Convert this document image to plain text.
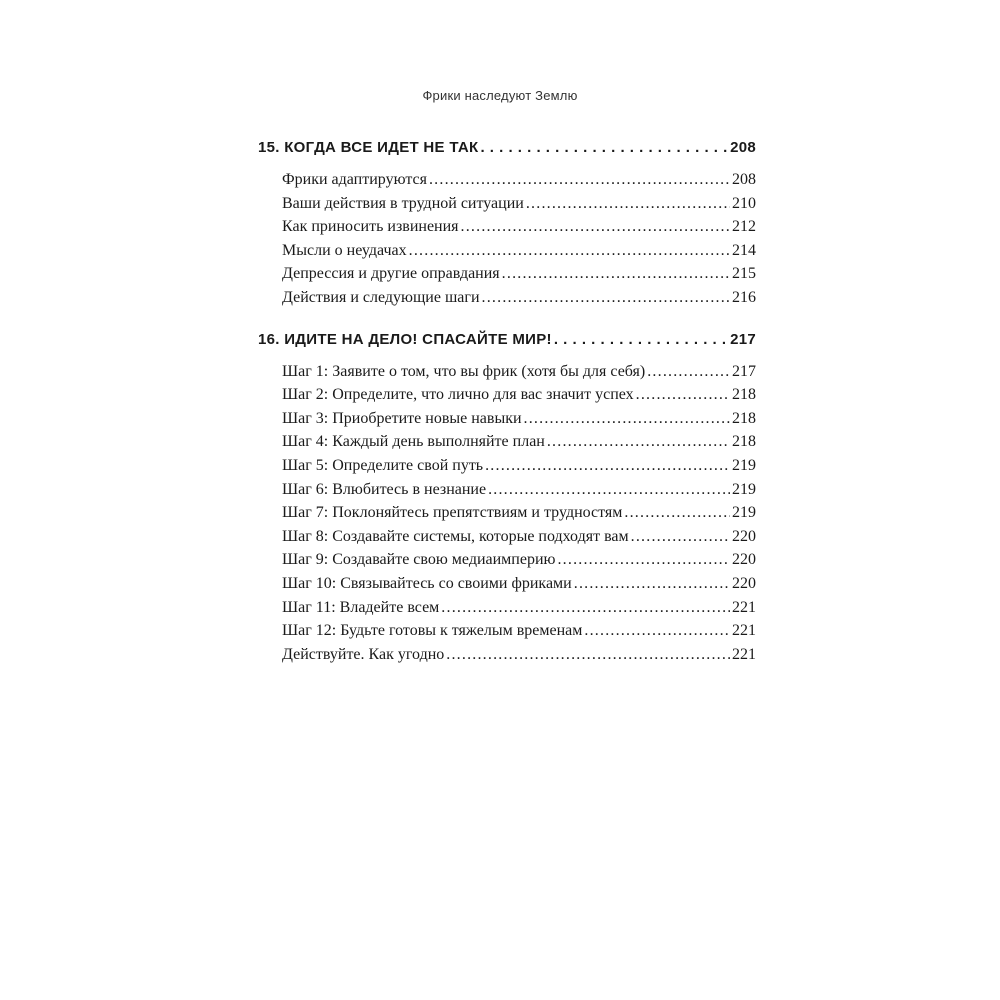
Фрики наследуют Землю
15. КОГДА ВСЕ ИДЕТ НЕ ТАК . . .	208
Фрики адаптируются . . .	208
Ваши действия в трудной ситуации . . .	210
Как приносить извинения . . .	212
Мысли о неудачах . . .	214
Депрессия и другие оправдания . . .	215
Действия и следующие шаги . . .	216
16. ИДИТЕ НА ДЕЛО! СПАСАЙТЕ МИР! . . .	217
Шаг 1: Заявите о том, что вы фрик (хотя бы для себя) . . .	217
Шаг 2: Определите, что лично для вас значит успех . . .	218
Шаг 3: Приобретите новые навыки . . .	218
Шаг 4: Каждый день выполняйте план . . .	218
Шаг 5: Определите свой путь . . .	219
Шаг 6: Влюбитесь в незнание . . .	219
Шаг 7: Поклоняйтесь препятствиям и трудностям . . .	219
Шаг 8: Создавайте системы, которые подходят вам . . .	220
Шаг 9: Создавайте свою медиаимперию . . .	220
Шаг 10: Связывайтесь со своими фриками . . .	220
Шаг 11: Владейте всем . . .	221
Шаг 12: Будьте готовы к тяжелым временам . . .	221
Действуйте. Как угодно . . .	221
